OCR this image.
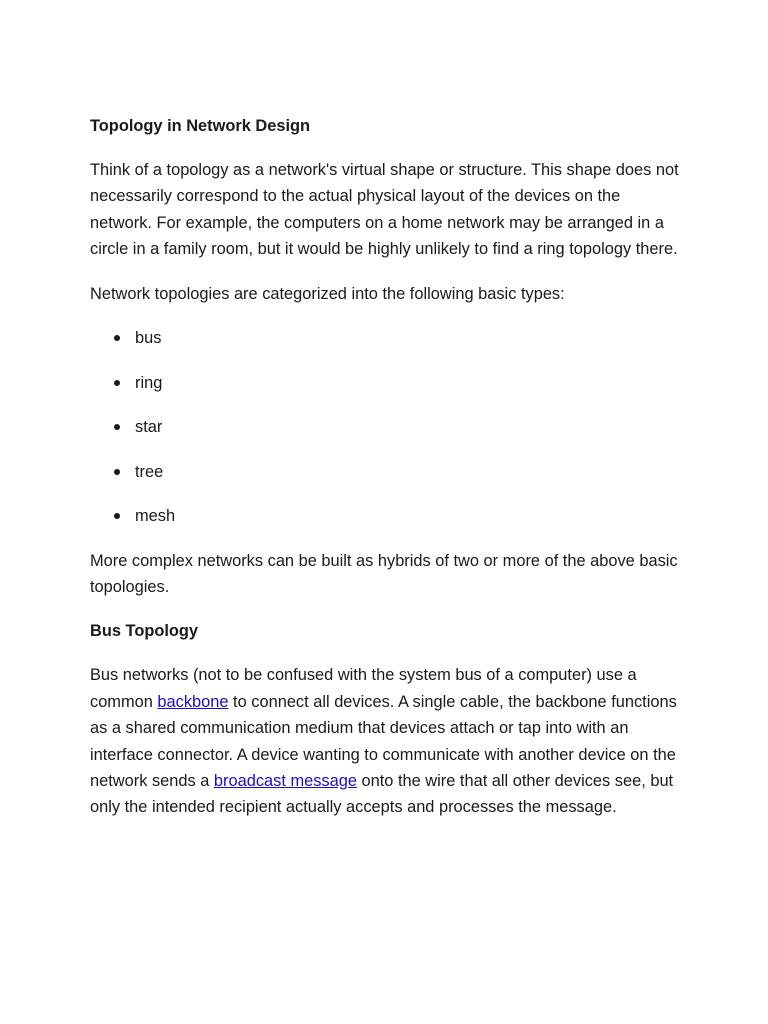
Topology in Network Design

Think of a topology as a network's virtual shape or structure. This shape does not necessarily correspond to the actual physical layout of the devices on the network. For example, the computers on a home network may be arranged in a circle in a family room, but it would be highly unlikely to find a ring topology there.

Network topologies are categorized into the following basic types:

bus
ring
star
tree
mesh

More complex networks can be built as hybrids of two or more of the above basic topologies.

Bus Topology

Bus networks (not to be confused with the system bus of a computer) use a common backbone to connect all devices. A single cable, the backbone functions as a shared communication medium that devices attach or tap into with an interface connector. A device wanting to communicate with another device on the network sends a broadcast message onto the wire that all other devices see, but only the intended recipient actually accepts and processes the message.
